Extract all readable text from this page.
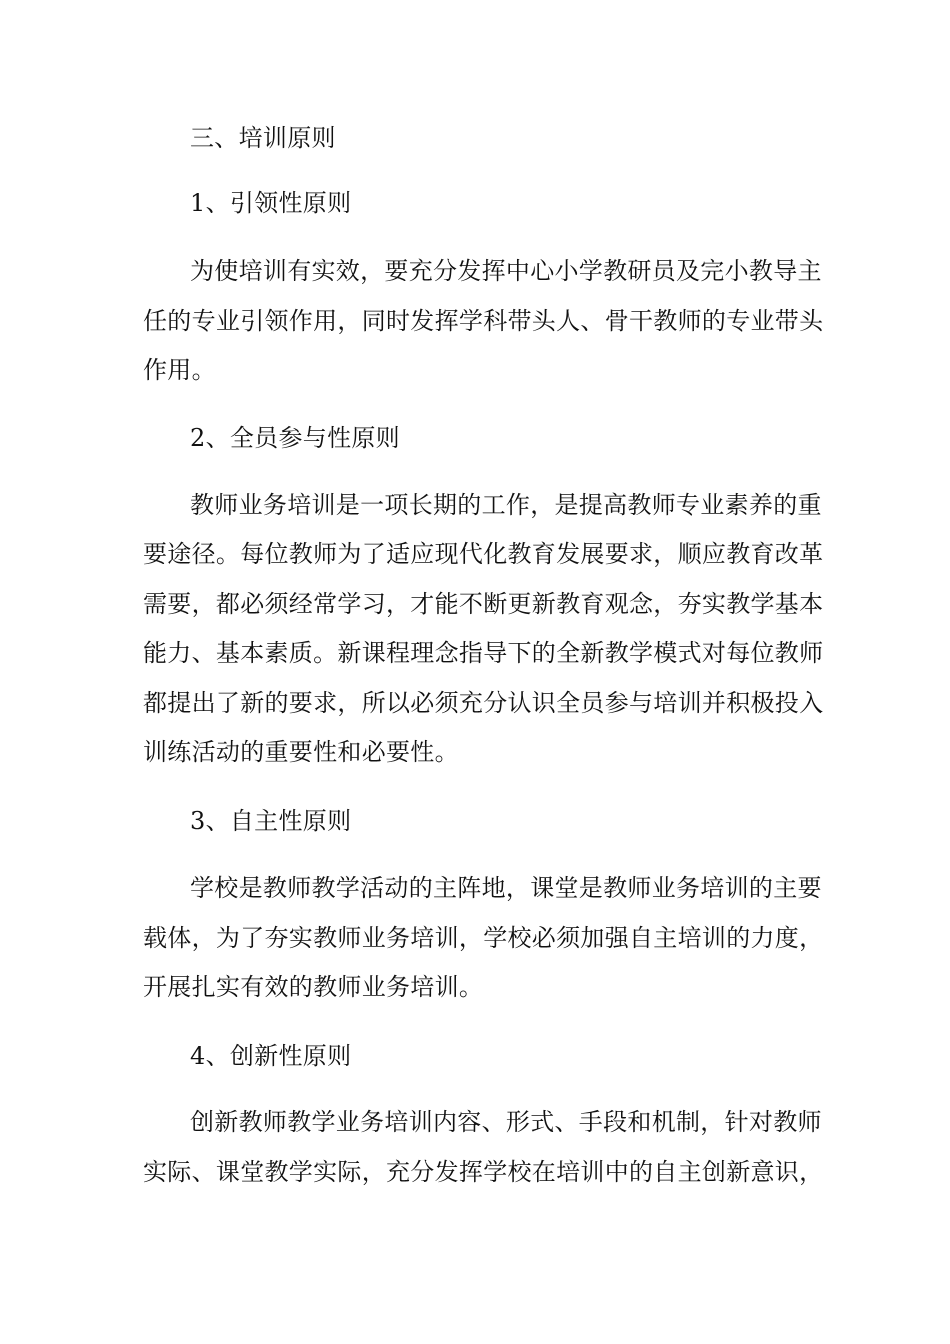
三、培训原则
1、引领性原则
为使培训有实效，要充分发挥中心小学教研员及完小教导主
任的专业引领作用，同时发挥学科带头人、骨干教师的专业带头
作用。
2、全员参与性原则
教师业务培训是一项长期的工作，是提高教师专业素养的重
要途径。每位教师为了适应现代化教育发展要求，顺应教育改革
需要，都必须经常学习，才能不断更新教育观念，夯实教学基本
能力、基本素质。新课程理念指导下的全新教学模式对每位教师
都提出了新的要求，所以必须充分认识全员参与培训并积极投入
训练活动的重要性和必要性。
3、自主性原则
学校是教师教学活动的主阵地，课堂是教师业务培训的主要
载体，为了夯实教师业务培训，学校必须加强自主培训的力度，
开展扎实有效的教师业务培训。
4、创新性原则
创新教师教学业务培训内容、形式、手段和机制，针对教师
实际、课堂教学实际，充分发挥学校在培训中的自主创新意识，
